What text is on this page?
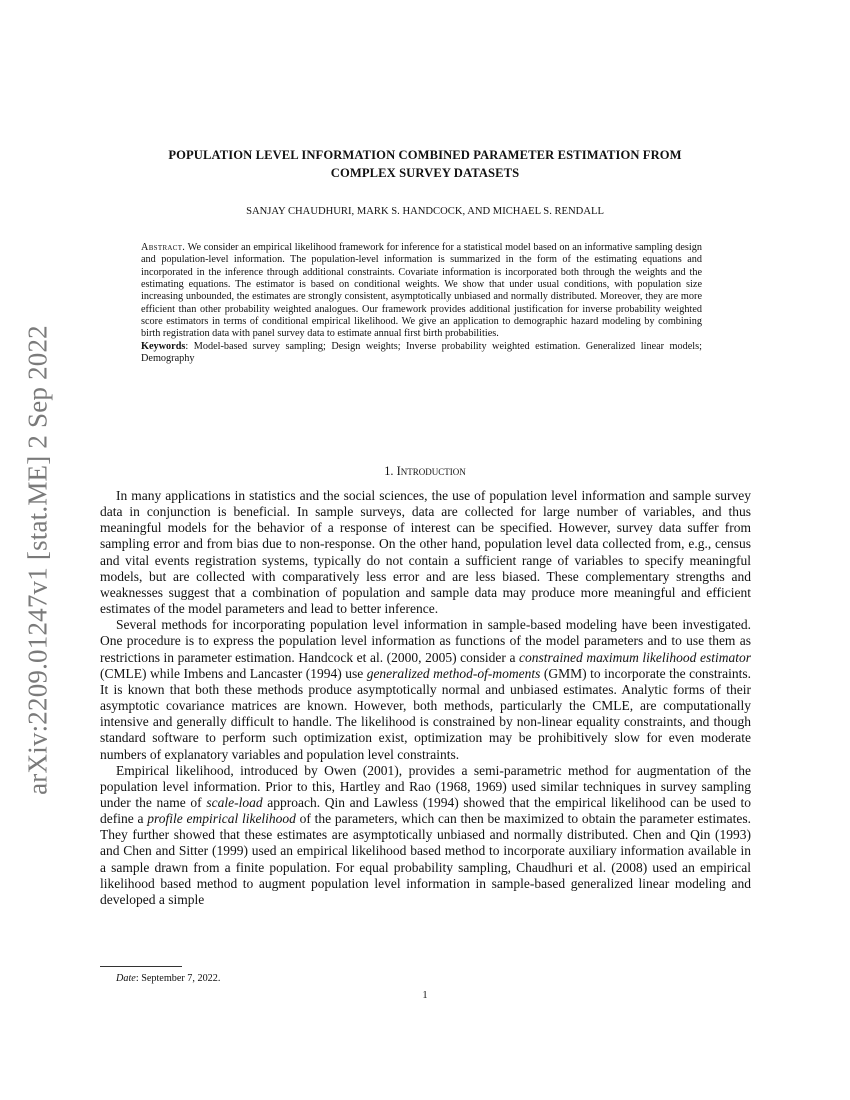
arXiv:2209.01247v1 [stat.ME] 2 Sep 2022
POPULATION LEVEL INFORMATION COMBINED PARAMETER ESTIMATION FROM
COMPLEX SURVEY DATASETS
SANJAY CHAUDHURI, MARK S. HANDCOCK, AND MICHAEL S. RENDALL
Abstract. We consider an empirical likelihood framework for inference for a statistical model based on an informative sampling design and population-level information. The population-level information is summarized in the form of the estimating equations and incorporated in the inference through additional constraints. Covariate information is incorporated both through the weights and the estimating equations. The estimator is based on conditional weights. We show that under usual conditions, with population size increasing unbounded, the estimates are strongly consistent, asymptotically unbiased and normally distributed. Moreover, they are more efficient than other probability weighted analogues. Our framework provides additional justification for inverse probability weighted score estimators in terms of conditional empirical likelihood. We give an application to demographic hazard modeling by combining birth registration data with panel survey data to estimate annual first birth probabilities.
Keywords: Model-based survey sampling; Design weights; Inverse probability weighted estimation. Generalized linear models; Demography
1. Introduction

In many applications in statistics and the social sciences, the use of population level information and sample survey data in conjunction is beneficial. In sample surveys, data are collected for large number of variables, and thus meaningful models for the behavior of a response of interest can be specified. However, survey data suffer from sampling error and from bias due to non-response. On the other hand, population level data collected from, e.g., census and vital events registration systems, typically do not contain a sufficient range of variables to specify meaningful models, but are collected with comparatively less error and are less biased. These complementary strengths and weaknesses suggest that a combination of population and sample data may produce more meaningful and efficient estimates of the model parameters and lead to better inference.

Several methods for incorporating population level information in sample-based modeling have been investigated. One procedure is to express the population level information as functions of the model parameters and to use them as restrictions in parameter estimation. Handcock et al. (2000, 2005) consider a constrained maximum likelihood estimator (CMLE) while Imbens and Lancaster (1994) use generalized method-of-moments (GMM) to incorporate the constraints. It is known that both these methods produce asymptotically normal and unbiased estimates. Analytic forms of their asymptotic covariance matrices are known. However, both methods, particularly the CMLE, are computationally intensive and generally difficult to handle. The likelihood is constrained by non-linear equality constraints, and though standard software to perform such optimization exist, optimization may be prohibitively slow for even moderate numbers of explanatory variables and population level constraints.

Empirical likelihood, introduced by Owen (2001), provides a semi-parametric method for augmentation of the population level information. Prior to this, Hartley and Rao (1968, 1969) used similar techniques in survey sampling under the name of scale-load approach. Qin and Lawless (1994) showed that the empirical likelihood can be used to define a profile empirical likelihood of the parameters, which can then be maximized to obtain the parameter estimates. They further showed that these estimates are asymptotically unbiased and normally distributed. Chen and Qin (1993) and Chen and Sitter (1999) used an empirical likelihood based method to incorporate auxiliary information available in a sample drawn from a finite population. For equal probability sampling, Chaudhuri et al. (2008) used an empirical likelihood based method to augment population level information in sample-based generalized linear modeling and developed a simple

Date: September 7, 2022.
1
